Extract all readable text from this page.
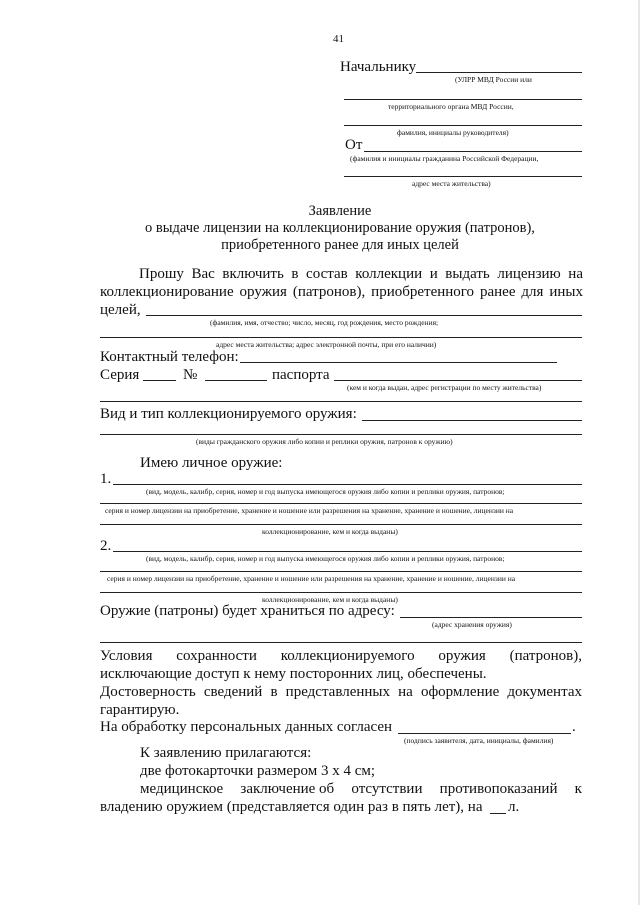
41
Начальнику
(УЛРР МВД России или
территориального органа МВД России,
фамилия, инициалы руководителя)
От
(фамилия и инициалы гражданина Российской Федерации,
адрес места жительства)
Заявление
о выдаче лицензии на коллекционирование оружия (патронов),
приобретенного ранее для иных целей
Прошу Вас включить в состав коллекции и выдать лицензию на
коллекционирование оружия (патронов), приобретенного ранее для иных
целей,
(фамилия, имя, отчество; число, месяц, год рождения, место рождения;
адрес места жительства; адрес электронной почты, при его наличии)
Контактный телефон:
Серия	№	паспорта
(кем и когда выдан, адрес регистрации по месту жительства)
Вид и тип коллекционируемого оружия:
(виды гражданского оружия либо копии и реплики оружия, патронов к оружию)
Имею личное оружие:
1.
(вид, модель, калибр, серия, номер и год выпуска имеющегося оружия либо копии и реплики оружия, патронов;
серия и номер лицензии на приобретение, хранение и ношение или разрешения на хранение, хранение и ношение, лицензии на
коллекционирование, кем и когда выданы)
2.
(вид, модель, калибр, серия, номер и год выпуска имеющегося оружия либо копии и реплики оружия, патронов;
серия и номер лицензии на приобретение, хранение и ношение или разрешения на хранение, хранение и ношение, лицензии на
коллекционирование, кем и когда выданы)
Оружие (патроны) будет храниться по адресу:
(адрес хранения оружия)
Условия сохранности коллекционируемого оружия (патронов),
исключающие доступ к нему посторонних лиц, обеспечены.
Достоверность сведений в представленных на оформление документах
гарантирую.
На обработку персональных данных согласен	.
(подпись заявителя, дата, инициалы, фамилия)
К заявлению прилагаются:
две фотокарточки размером 3 х 4 см;
медицинское заключение об отсутствии противопоказаний к
владению оружием (представляется один раз в пять лет), на л.
